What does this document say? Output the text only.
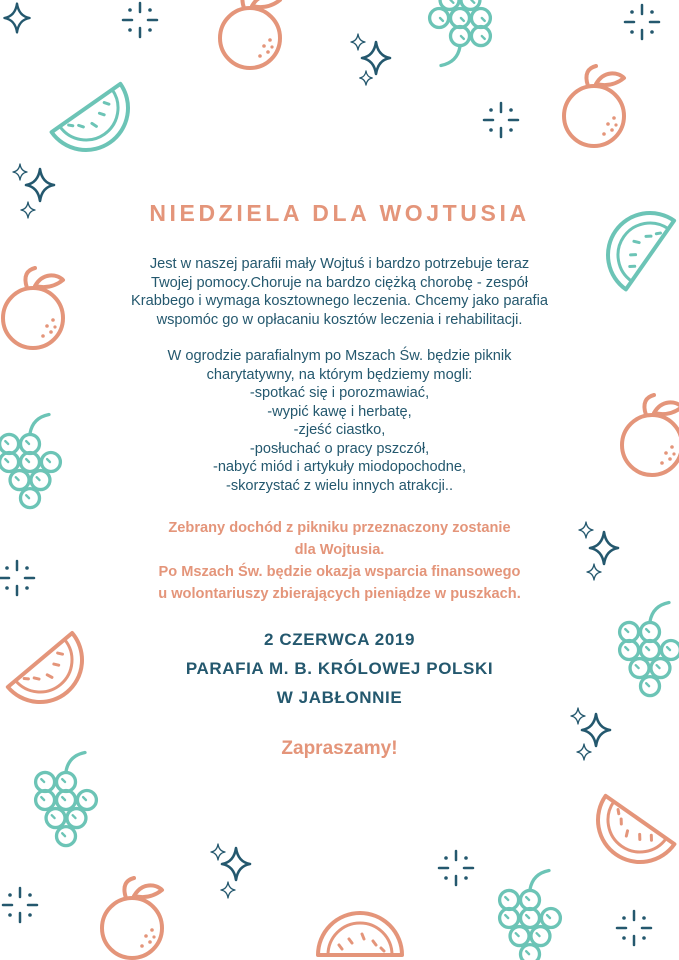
NIEDZIELA DLA WOJTUSIA

Jest w naszej parafii mały Wojtuś i bardzo potrzebuje teraz

Twojej pomocy.Choruje na bardzo ciężką chorobę - zespół

Krabbego i wymaga kosztownego leczenia. Chcemy jako parafia

wspomóc go w opłacaniu kosztów leczenia i rehabilitacji.

W ogrodzie parafialnym po Mszach Św. będzie piknik

charytatywny, na którym będziemy mogli:

-spotkać się i porozmawiać,

-wypić kawę i herbatę,

-zjeść ciastko,

-posłuchać o pracy pszczół,

-nabyć miód i artykuły miodopochodne,

-skorzystać z wielu innych atrakcji..

Zebrany dochód z pikniku przeznaczony zostanie

dla Wojtusia.

Po Mszach Św. będzie okazja wsparcia finansowego

u wolontariuszy zbierających pieniądze w puszkach.

2 CZERWCA 2019

PARAFIA M. B. KRÓLOWEJ POLSKI

W JABŁONNIE

Zapraszamy!
